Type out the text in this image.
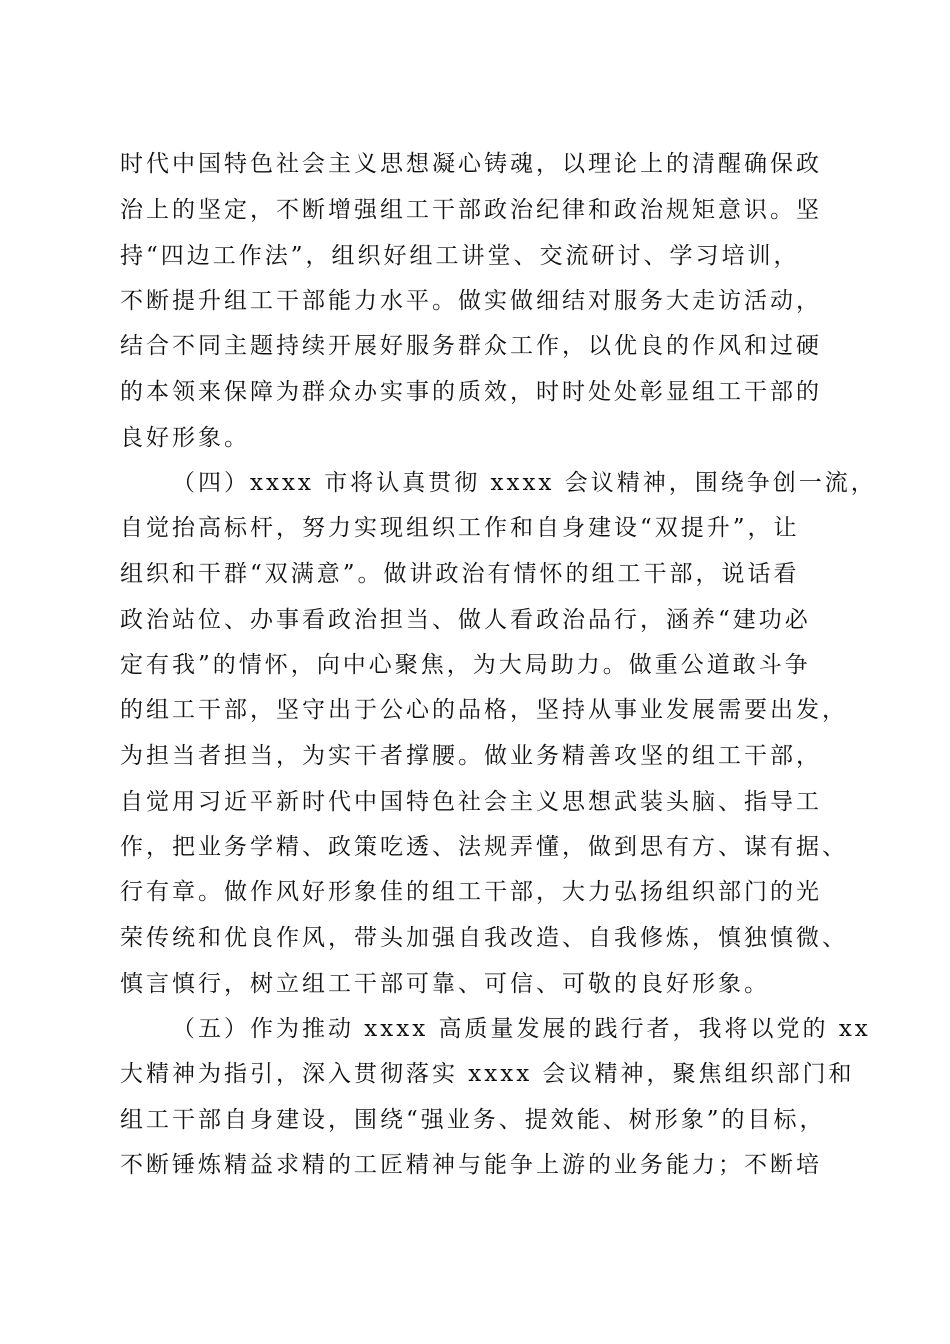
时代中国特色社会主义思想凝心铸魂，以理论上的清醒确保政
治上的坚定，不断增强组工干部政治纪律和政治规矩意识。坚
持“四边工作法”，组织好组工讲堂、交流研讨、学习培训，
不断提升组工干部能力水平。做实做细结对服务大走访活动，
结合不同主题持续开展好服务群众工作，以优良的作风和过硬
的本领来保障为群众办实事的质效，时时处处彰显组工干部的
良好形象。
（四）xxxx 市将认真贯彻 xxxx 会议精神，围绕争创一流，
自觉抬高标杆，努力实现组织工作和自身建设“双提升”，让
组织和干群“双满意”。做讲政治有情怀的组工干部，说话看
政治站位、办事看政治担当、做人看政治品行，涵养“建功必
定有我”的情怀，向中心聚焦，为大局助力。做重公道敢斗争
的组工干部，坚守出于公心的品格，坚持从事业发展需要出发，
为担当者担当，为实干者撑腰。做业务精善攻坚的组工干部，
自觉用习近平新时代中国特色社会主义思想武装头脑、指导工
作，把业务学精、政策吃透、法规弄懂，做到思有方、谋有据、
行有章。做作风好形象佳的组工干部，大力弘扬组织部门的光
荣传统和优良作风，带头加强自我改造、自我修炼，慎独慎微、
慎言慎行，树立组工干部可靠、可信、可敬的良好形象。
（五）作为推动 xxxx 高质量发展的践行者，我将以党的 xx
大精神为指引，深入贯彻落实 xxxx 会议精神，聚焦组织部门和
组工干部自身建设，围绕“强业务、提效能、树形象”的目标，
不断锤炼精益求精的工匠精神与能争上游的业务能力；不断培
